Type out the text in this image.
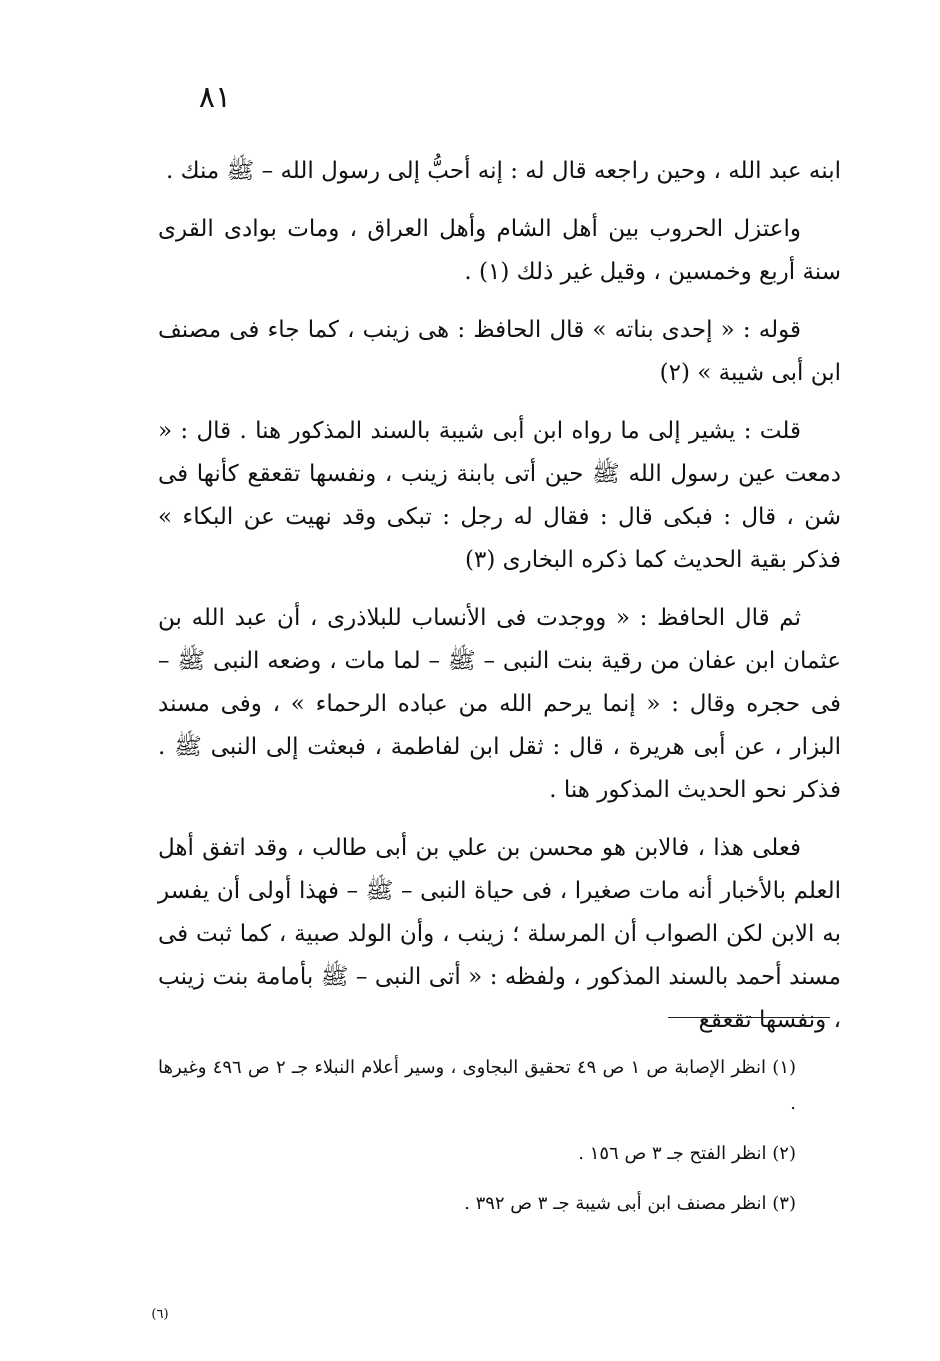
٨١

ابنه عبد الله ، وحين راجعه قال له : إنه أحبُّ إلى رسول الله – ﷺ منك .

واعتزل الحروب بين أهل الشام وأهل العراق ، ومات بوادى القرى سنة أربع وخمسين ، وقيل غير ذلك (١) .

قوله : « إحدى بناته » قال الحافظ : هى زينب ، كما جاء فى مصنف ابن أبى شيبة » (٢)

قلت : يشير إلى ما رواه ابن أبى شيبة بالسند المذكور هنا . قال : « دمعت عين رسول الله ﷺ حين أتى بابنة زينب ، ونفسها تقعقع كأنها فى شن ، قال : فبكى قال : فقال له رجل : تبكى وقد نهيت عن البكاء » فذكر بقية الحديث كما ذكره البخارى (٣)

ثم قال الحافظ : « ووجدت فى الأنساب للبلاذرى ، أن عبد الله بن عثمان ابن عفان من رقية بنت النبى – ﷺ – لما مات ، وضعه النبى ﷺ – فى حجره وقال : « إنما يرحم الله من عباده الرحماء » ، وفى مسند البزار ، عن أبى هريرة ، قال : ثقل ابن لفاطمة ، فبعثت إلى النبى ﷺ . فذكر نحو الحديث المذكور هنا .

فعلى هذا ، فالابن هو محسن بن علي بن أبى طالب ، وقد اتفق أهل العلم بالأخبار أنه مات صغيرا ، فى حياة النبى – ﷺ – فهذا أولى أن يفسر به الابن لكن الصواب أن المرسلة ؛ زينب ، وأن الولد صبية ، كما ثبت فى مسند أحمد بالسند المذكور ، ولفظه : « أتى النبى – ﷺ بأمامة بنت زينب ، ونفسها تقعقع

(١) انظر الإصابة ص ١ ص ٤٩ تحقيق البجاوى ، وسير أعلام النبلاء جـ ٢ ص ٤٩٦ وغيرها .

(٢) انظر الفتح جـ ٣ ص ١٥٦ .

(٣) انظر مصنف ابن أبى شيبة جـ ٣ ص ٣٩٢ .

(٦)
